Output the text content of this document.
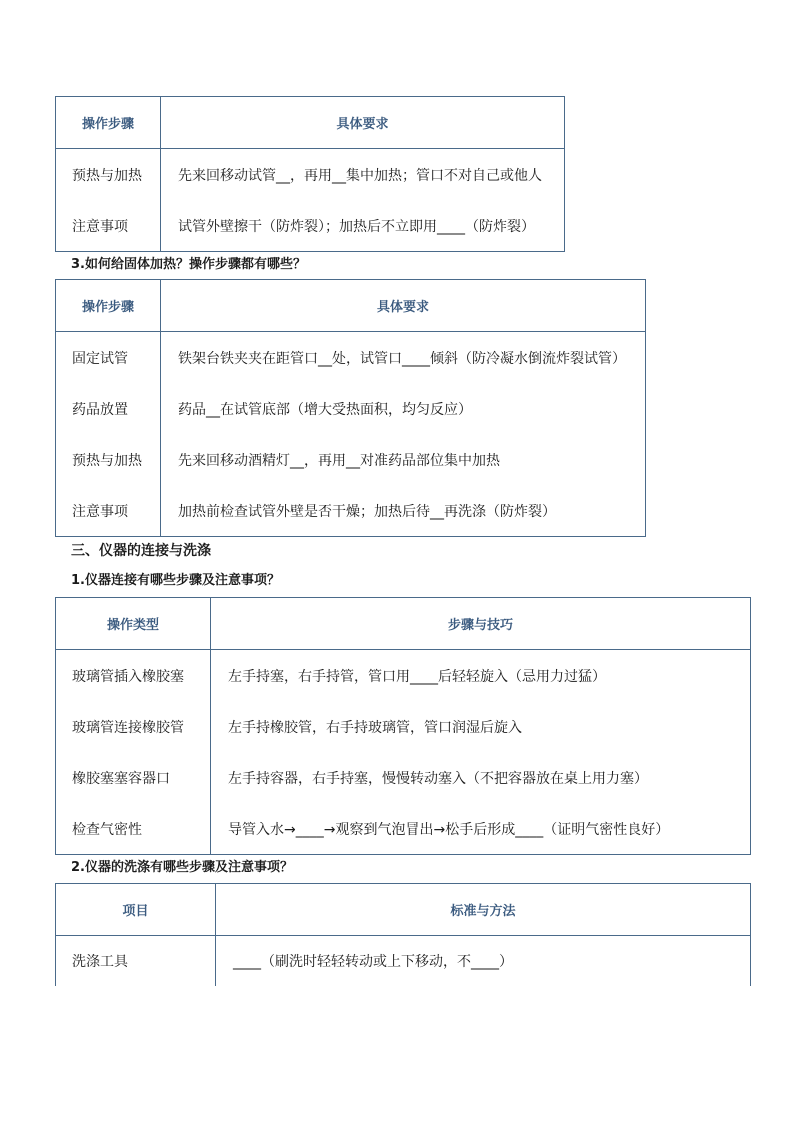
操作步骤	具体要求
预热与加热	先来回移动试管__，再用__集中加热；管口不对自己或他人
注意事项	试管外壁擦干（防炸裂）；加热后不立即用____（防炸裂）

3.如何给固体加热？操作步骤都有哪些？

操作步骤	具体要求
固定试管	铁架台铁夹夹在距管口__处，试管口____倾斜（防冷凝水倒流炸裂试管）
药品放置	药品__在试管底部（增大受热面积，均匀反应）
预热与加热	先来回移动酒精灯__，再用__对准药品部位集中加热
注意事项	加热前检查试管外壁是否干燥；加热后待__再洗涤（防炸裂）

三、仪器的连接与洗涤

1.仪器连接有哪些步骤及注意事项？

操作类型	步骤与技巧
玻璃管插入橡胶塞	左手持塞，右手持管，管口用____后轻轻旋入（忌用力过猛）
玻璃管连接橡胶管	左手持橡胶管，右手持玻璃管，管口润湿后旋入
橡胶塞塞容器口	左手持容器，右手持塞，慢慢转动塞入（不把容器放在桌上用力塞）
检查气密性	导管入水→____→观察到气泡冒出→松手后形成____（证明气密性良好）

2.仪器的洗涤有哪些步骤及注意事项？

项目	标准与方法
洗涤工具	____（刷洗时轻轻转动或上下移动，不____）
